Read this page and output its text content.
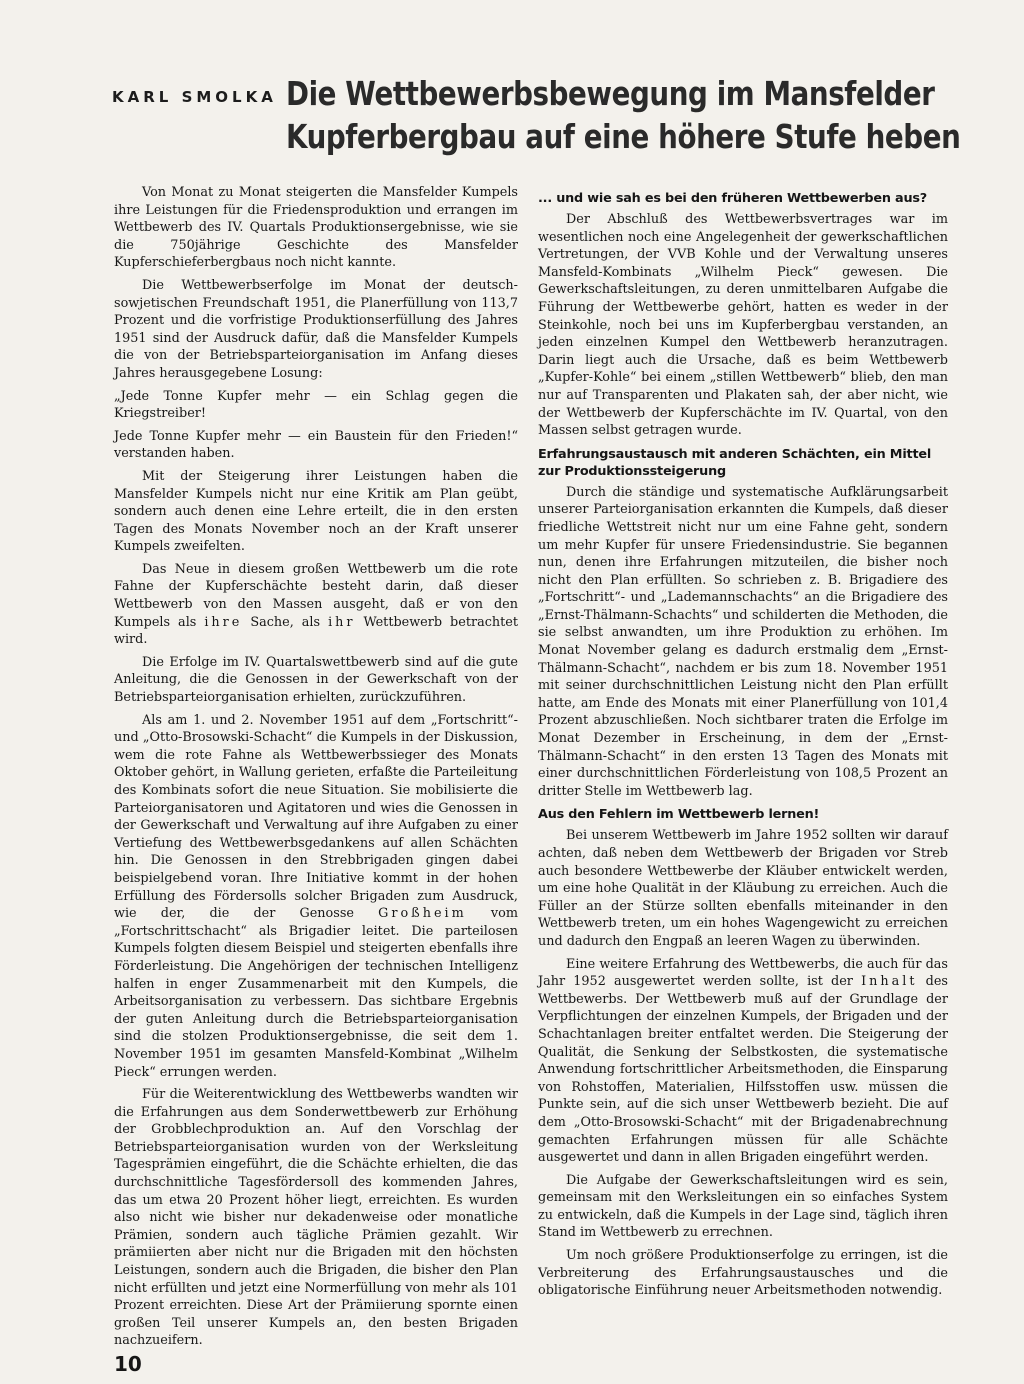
KARL SMOLKA Die Wettbewerbsbewegung im Mansfelder
Kupferbergbau auf eine höhere Stufe heben

Von Monat zu Monat steigerten die Mansfelder Kumpels ihre Leistungen für die Friedensproduktion und errangen im Wettbewerb des IV. Quartals Produktionsergebnisse, wie sie die 750jährige Geschichte des Mansfelder Kupferschieferbergbaus noch nicht kannte.

Die Wettbewerbserfolge im Monat der deutsch-sowjetischen Freundschaft 1951, die Planerfüllung von 113,7 Prozent und die vorfristige Produktionserfüllung des Jahres 1951 sind der Ausdruck dafür, daß die Mansfelder Kumpels die von der Betriebsparteiorganisation im Anfang dieses Jahres herausgegebene Losung:

„Jede Tonne Kupfer mehr — ein Schlag gegen die Kriegstreiber!

Jede Tonne Kupfer mehr — ein Baustein für den Frieden!“ verstanden haben.

Mit der Steigerung ihrer Leistungen haben die Mansfelder Kumpels nicht nur eine Kritik am Plan geübt, sondern auch denen eine Lehre erteilt, die in den ersten Tagen des Monats November noch an der Kraft unserer Kumpels zweifelten.

Das Neue in diesem großen Wettbewerb um die rote Fahne der Kupferschächte besteht darin, daß dieser Wettbewerb von den Massen ausgeht, daß er von den Kumpels als ihre Sache, als ihr Wettbewerb betrachtet wird.

Die Erfolge im IV. Quartalswettbewerb sind auf die gute Anleitung, die die Genossen in der Gewerkschaft von der Betriebsparteiorganisation erhielten, zurückzuführen.

Als am 1. und 2. November 1951 auf dem „Fortschritt“- und „Otto-Brosowski-Schacht“ die Kumpels in der Diskussion, wem die rote Fahne als Wettbewerbssieger des Monats Oktober gehört, in Wallung gerieten, erfaßte die Parteileitung des Kombinats sofort die neue Situation. Sie mobilisierte die Parteiorganisatoren und Agitatoren und wies die Genossen in der Gewerkschaft und Verwaltung auf ihre Aufgaben zu einer Vertiefung des Wettbewerbsgedankens auf allen Schächten hin. Die Genossen in den Strebbrigaden gingen dabei beispielgebend voran. Ihre Initiative kommt in der hohen Erfüllung des Fördersolls solcher Brigaden zum Ausdruck, wie der, die der Genosse Großheim vom „Fortschrittschacht“ als Brigadier leitet. Die parteilosen Kumpels folgten diesem Beispiel und steigerten ebenfalls ihre Förderleistung. Die Angehörigen der technischen Intelligenz halfen in enger Zusammenarbeit mit den Kumpels, die Arbeitsorganisation zu verbessern. Das sichtbare Ergebnis der guten Anleitung durch die Betriebsparteiorganisation sind die stolzen Produktionsergebnisse, die seit dem 1. November 1951 im gesamten Mansfeld-Kombinat „Wilhelm Pieck“ errungen werden.

Für die Weiterentwicklung des Wettbewerbs wandten wir die Erfahrungen aus dem Sonderwettbewerb zur Erhöhung der Grobblechproduktion an. Auf den Vorschlag der Betriebsparteiorganisation wurden von der Werksleitung Tagesprämien eingeführt, die die Schächte erhielten, die das durchschnittliche Tagesfördersoll des kommenden Jahres, das um etwa 20 Prozent höher liegt, erreichten. Es wurden also nicht wie bisher nur dekadenweise oder monatliche Prämien, sondern auch tägliche Prämien gezahlt. Wir prämiierten aber nicht nur die Brigaden mit den höchsten Leistungen, sondern auch die Brigaden, die bisher den Plan nicht erfüllten und jetzt eine Normerfüllung von mehr als 101 Prozent erreichten. Diese Art der Prämiierung spornte einen großen Teil unserer Kumpels an, den besten Brigaden nachzueifern.

... und wie sah es bei den früheren Wettbewerben aus?

Der Abschluß des Wettbewerbsvertrages war im wesentlichen noch eine Angelegenheit der gewerkschaftlichen Vertretungen, der VVB Kohle und der Verwaltung unseres Mansfeld-Kombinats „Wilhelm Pieck“ gewesen. Die Gewerkschaftsleitungen, zu deren unmittelbaren Aufgabe die Führung der Wettbewerbe gehört, hatten es weder in der Steinkohle, noch bei uns im Kupferbergbau verstanden, an jeden einzelnen Kumpel den Wettbewerb heranzutragen. Darin liegt auch die Ursache, daß es beim Wettbewerb „Kupfer-Kohle“ bei einem „stillen Wettbewerb“ blieb, den man nur auf Transparenten und Plakaten sah, der aber nicht, wie der Wettbewerb der Kupferschächte im IV. Quartal, von den Massen selbst getragen wurde.

Erfahrungsaustausch mit anderen Schächten, ein Mittel zur Produktionssteigerung

Durch die ständige und systematische Aufklärungsarbeit unserer Parteiorganisation erkannten die Kumpels, daß dieser friedliche Wettstreit nicht nur um eine Fahne geht, sondern um mehr Kupfer für unsere Friedensindustrie. Sie begannen nun, denen ihre Erfahrungen mitzuteilen, die bisher noch nicht den Plan erfüllten. So schrieben z. B. Brigadiere des „Fortschritt“- und „Lademannschachts“ an die Brigadiere des „Ernst-Thälmann-Schachts“ und schilderten die Methoden, die sie selbst anwandten, um ihre Produktion zu erhöhen. Im Monat November gelang es dadurch erstmalig dem „Ernst-Thälmann-Schacht“, nachdem er bis zum 18. November 1951 mit seiner durchschnittlichen Leistung nicht den Plan erfüllt hatte, am Ende des Monats mit einer Planerfüllung von 101,4 Prozent abzuschließen. Noch sichtbarer traten die Erfolge im Monat Dezember in Erscheinung, in dem der „Ernst-Thälmann-Schacht“ in den ersten 13 Tagen des Monats mit einer durchschnittlichen Förderleistung von 108,5 Prozent an dritter Stelle im Wettbewerb lag.

Aus den Fehlern im Wettbewerb lernen!

Bei unserem Wettbewerb im Jahre 1952 sollten wir darauf achten, daß neben dem Wettbewerb der Brigaden vor Streb auch besondere Wettbewerbe der Kläuber entwickelt werden, um eine hohe Qualität in der Kläubung zu erreichen. Auch die Füller an der Stürze sollten ebenfalls miteinander in den Wettbewerb treten, um ein hohes Wagengewicht zu erreichen und dadurch den Engpaß an leeren Wagen zu überwinden.

Eine weitere Erfahrung des Wettbewerbs, die auch für das Jahr 1952 ausgewertet werden sollte, ist der Inhalt des Wettbewerbs. Der Wettbewerb muß auf der Grundlage der Verpflichtungen der einzelnen Kumpels, der Brigaden und der Schachtanlagen breiter entfaltet werden. Die Steigerung der Qualität, die Senkung der Selbstkosten, die systematische Anwendung fortschrittlicher Arbeitsmethoden, die Einsparung von Rohstoffen, Materialien, Hilfsstoffen usw. müssen die Punkte sein, auf die sich unser Wettbewerb bezieht. Die auf dem „Otto-Brosowski-Schacht“ mit der Brigadenabrechnung gemachten Erfahrungen müssen für alle Schächte ausgewertet und dann in allen Brigaden eingeführt werden.

Die Aufgabe der Gewerkschaftsleitungen wird es sein, gemeinsam mit den Werksleitungen ein so einfaches System zu entwickeln, daß die Kumpels in der Lage sind, täglich ihren Stand im Wettbewerb zu errechnen.

Um noch größere Produktionserfolge zu erringen, ist die Verbreiterung des Erfahrungsaustausches und die obligatorische Einführung neuer Arbeitsmethoden notwendig.

10
